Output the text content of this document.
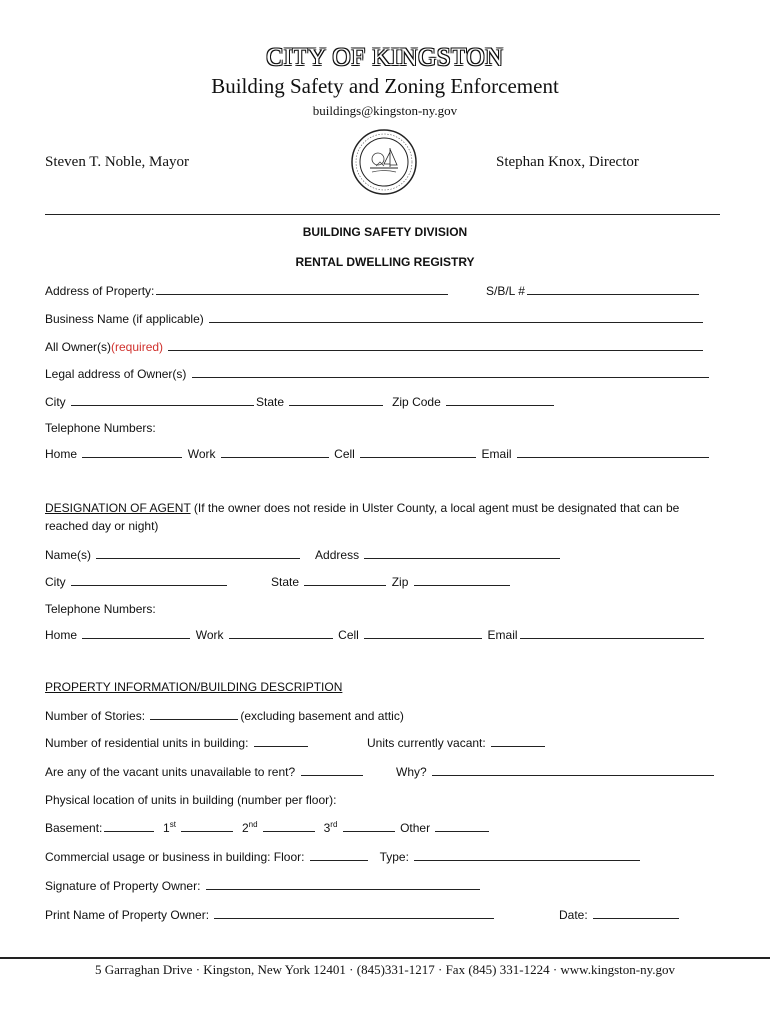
CITY OF KINGSTON
Building Safety and Zoning Enforcement
buildings@kingston-ny.gov
Steven T. Noble, Mayor	Stephan Knox, Director
BUILDING SAFETY DIVISION
RENTAL DWELLING REGISTRY
Address of Property:	S/B/L #
Business Name (if applicable)
All Owner(s)(required)
Legal address of Owner(s)
City	State	Zip Code
Telephone Numbers:
Home	Work	Cell	Email
DESIGNATION OF AGENT (If the owner does not reside in Ulster County, a local agent must be designated that can be
reached day or night)
Name(s)	Address
City	State	Zip
Telephone Numbers:
Home	Work	Cell	Email
PROPERTY INFORMATION/BUILDING DESCRIPTION
Number of Stories:	(excluding basement and attic)
Number of residential units in building:	Units currently vacant:
Are any of the vacant units unavailable to rent?	Why?
Physical location of units in building (number per floor):
Basement:	1st	2nd	3rd	Other
Commercial usage or business in building: Floor:	Type:
Signature of Property Owner:
Print Name of Property Owner:	Date:
5 Garraghan Drive · Kingston, New York 12401 · (845)331-1217 · Fax (845) 331-1224 · www.kingston-ny.gov
